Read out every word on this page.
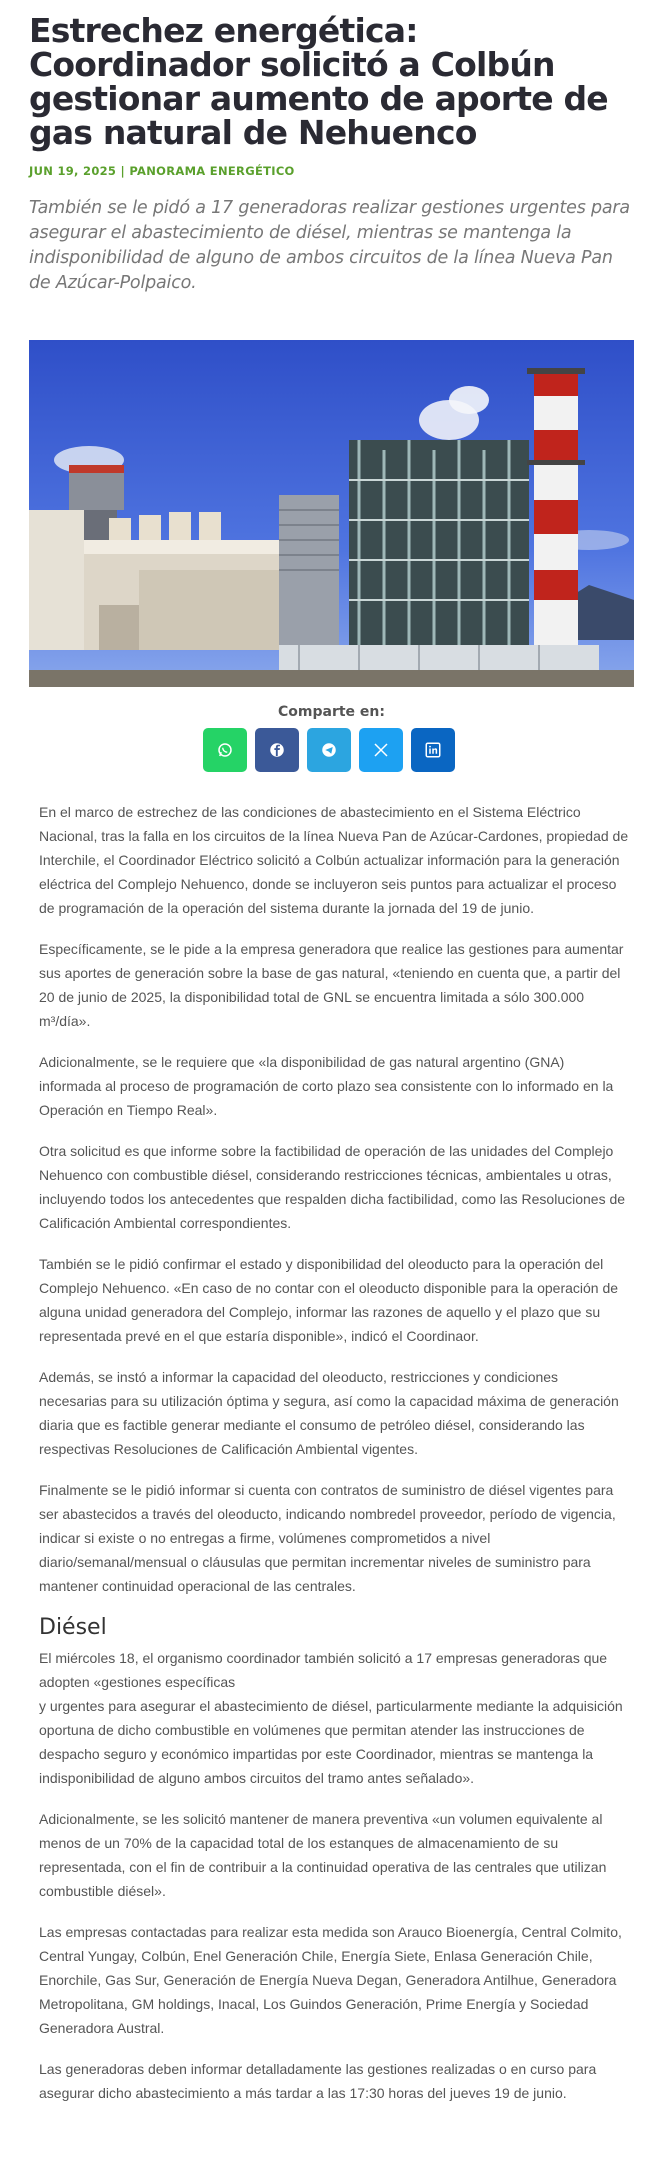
Estrechez energética: Coordinador solicitó a Colbún gestionar aumento de aporte de gas natural de Nehuenco
JUN 19, 2025 | PANORAMA ENERGÉTICO
También se le pidó a 17 generadoras realizar gestiones urgentes para asegurar el abastecimiento de diésel, mientras se mantenga la indisponibilidad de alguno de ambos circuitos de la línea Nueva Pan de Azúcar-Polpaico.
Comparte en:

En el marco de estrechez de las condiciones de abastecimiento en el Sistema Eléctrico Nacional, tras la falla en los circuitos de la línea Nueva Pan de Azúcar-Cardones, propiedad de Interchile, el Coordinador Eléctrico solicitó a Colbún actualizar información para la generación eléctrica del Complejo Nehuenco, donde se incluyeron seis puntos para actualizar el proceso de programación de la operación del sistema durante la jornada del 19 de junio.

Específicamente, se le pide a la empresa generadora que realice las gestiones para aumentar sus aportes de generación sobre la base de gas natural, «teniendo en cuenta que, a partir del 20 de junio de 2025, la disponibilidad total de GNL se encuentra limitada a sólo 300.000 m³/día».

Adicionalmente, se le requiere que «la disponibilidad de gas natural argentino (GNA) informada al proceso de programación de corto plazo sea consistente con lo informado en la Operación en Tiempo Real».

Otra solicitud es que informe sobre la factibilidad de operación de las unidades del Complejo Nehuenco con combustible diésel, considerando restricciones técnicas, ambientales u otras, incluyendo todos los antecedentes que respalden dicha factibilidad, como las Resoluciones de Calificación Ambiental correspondientes.

También se le pidió confirmar el estado y disponibilidad del oleoducto para la operación del Complejo Nehuenco. «En caso de no contar con el oleoducto disponible para la operación de alguna unidad generadora del Complejo, informar las razones de aquello y el plazo que su representada prevé en el que estaría disponible», indicó el Coordinaor.

Además, se instó a informar la capacidad del oleoducto, restricciones y condiciones necesarias para su utilización óptima y segura, así como la capacidad máxima de generación diaria que es factible generar mediante el consumo de petróleo diésel, considerando las respectivas Resoluciones de Calificación Ambiental vigentes.

Finalmente se le pidió informar si cuenta con contratos de suministro de diésel vigentes para ser abastecidos a través del oleoducto, indicando nombredel proveedor, período de vigencia, indicar si existe o no entregas a firme, volúmenes comprometidos a nivel diario/semanal/mensual o cláusulas que permitan incrementar niveles de suministro para mantener continuidad operacional de las centrales.

Diésel

El miércoles 18, el organismo coordinador también solicitó a 17 empresas generadoras que adopten «gestiones específicas

y urgentes para asegurar el abastecimiento de diésel, particularmente mediante la adquisición oportuna de dicho combustible en volúmenes que permitan atender las instrucciones de despacho seguro y económico impartidas por este Coordinador, mientras se mantenga la indisponibilidad de alguno ambos circuitos del tramo antes señalado».

Adicionalmente, se les solicitó mantener de manera preventiva «un volumen equivalente al menos de un 70% de la capacidad total de los estanques de almacenamiento de su representada, con el fin de contribuir a la continuidad operativa de las centrales que utilizan combustible diésel».

Las empresas contactadas para realizar esta medida son Arauco Bioenergía, Central Colmito, Central Yungay, Colbún, Enel Generación Chile, Energía Siete, Enlasa Generación Chile, Enorchile, Gas Sur, Generación de Energía Nueva Degan, Generadora Antilhue, Generadora Metropolitana, GM holdings, Inacal, Los Guindos Generación, Prime Energía y Sociedad Generadora Austral.

Las generadoras deben informar detalladamente las gestiones realizadas o en curso para asegurar dicho abastecimiento a más tardar a las 17:30 horas del jueves 19 de junio.
